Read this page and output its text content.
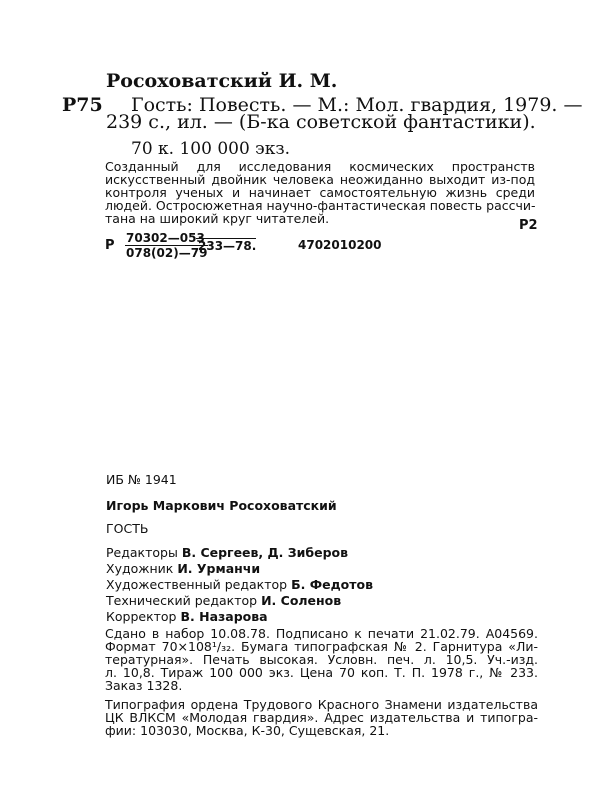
Росоховатский И. М.
Р75 Гость: Повесть. — М.: Мол. гвардия, 1979. —
239 с., ил. — (Б-ка советской фантастики).
70 к. 100 000 экз.
Созданный для исследования космических пространств
искусственный двойник человека неожиданно выходит из-под
контроля ученых и начинает самостоятельную жизнь среди
людей. Остросюжетная научно-фантастическая повесть рассчи-
тана на широкий круг читателей.	Р2
Р $\frac{70302—053}{078(02)—79}$
233—78.	4702010200
ИБ № 1941
Игорь Маркович Росоховатский
ГОСТЬ
Редакторы В. Сергеев, Д. Зиберов
Художник И. Урманчи
Художественный редактор Б. Федотов
Технический редактор И. Соленов
Корректор В. Назарова
Сдано в набор 10.08.78. Подписано к печати 21.02.79. А04569.
Формат 70×108¹/₃₂. Бумага типографская № 2. Гарнитура «Ли-
тературная». Печать высокая. Условн. печ. л. 10,5. Уч.-изд.
л. 10,8. Тираж 100 000 экз. Цена 70 коп. Т. П. 1978 г., № 233.
Заказ 1328.
Типография ордена Трудового Красного Знамени издательства
ЦК ВЛКСМ «Молодая гвардия». Адрес издательства и типогра-
фии: 103030, Москва, К-30, Сущевская, 21.
